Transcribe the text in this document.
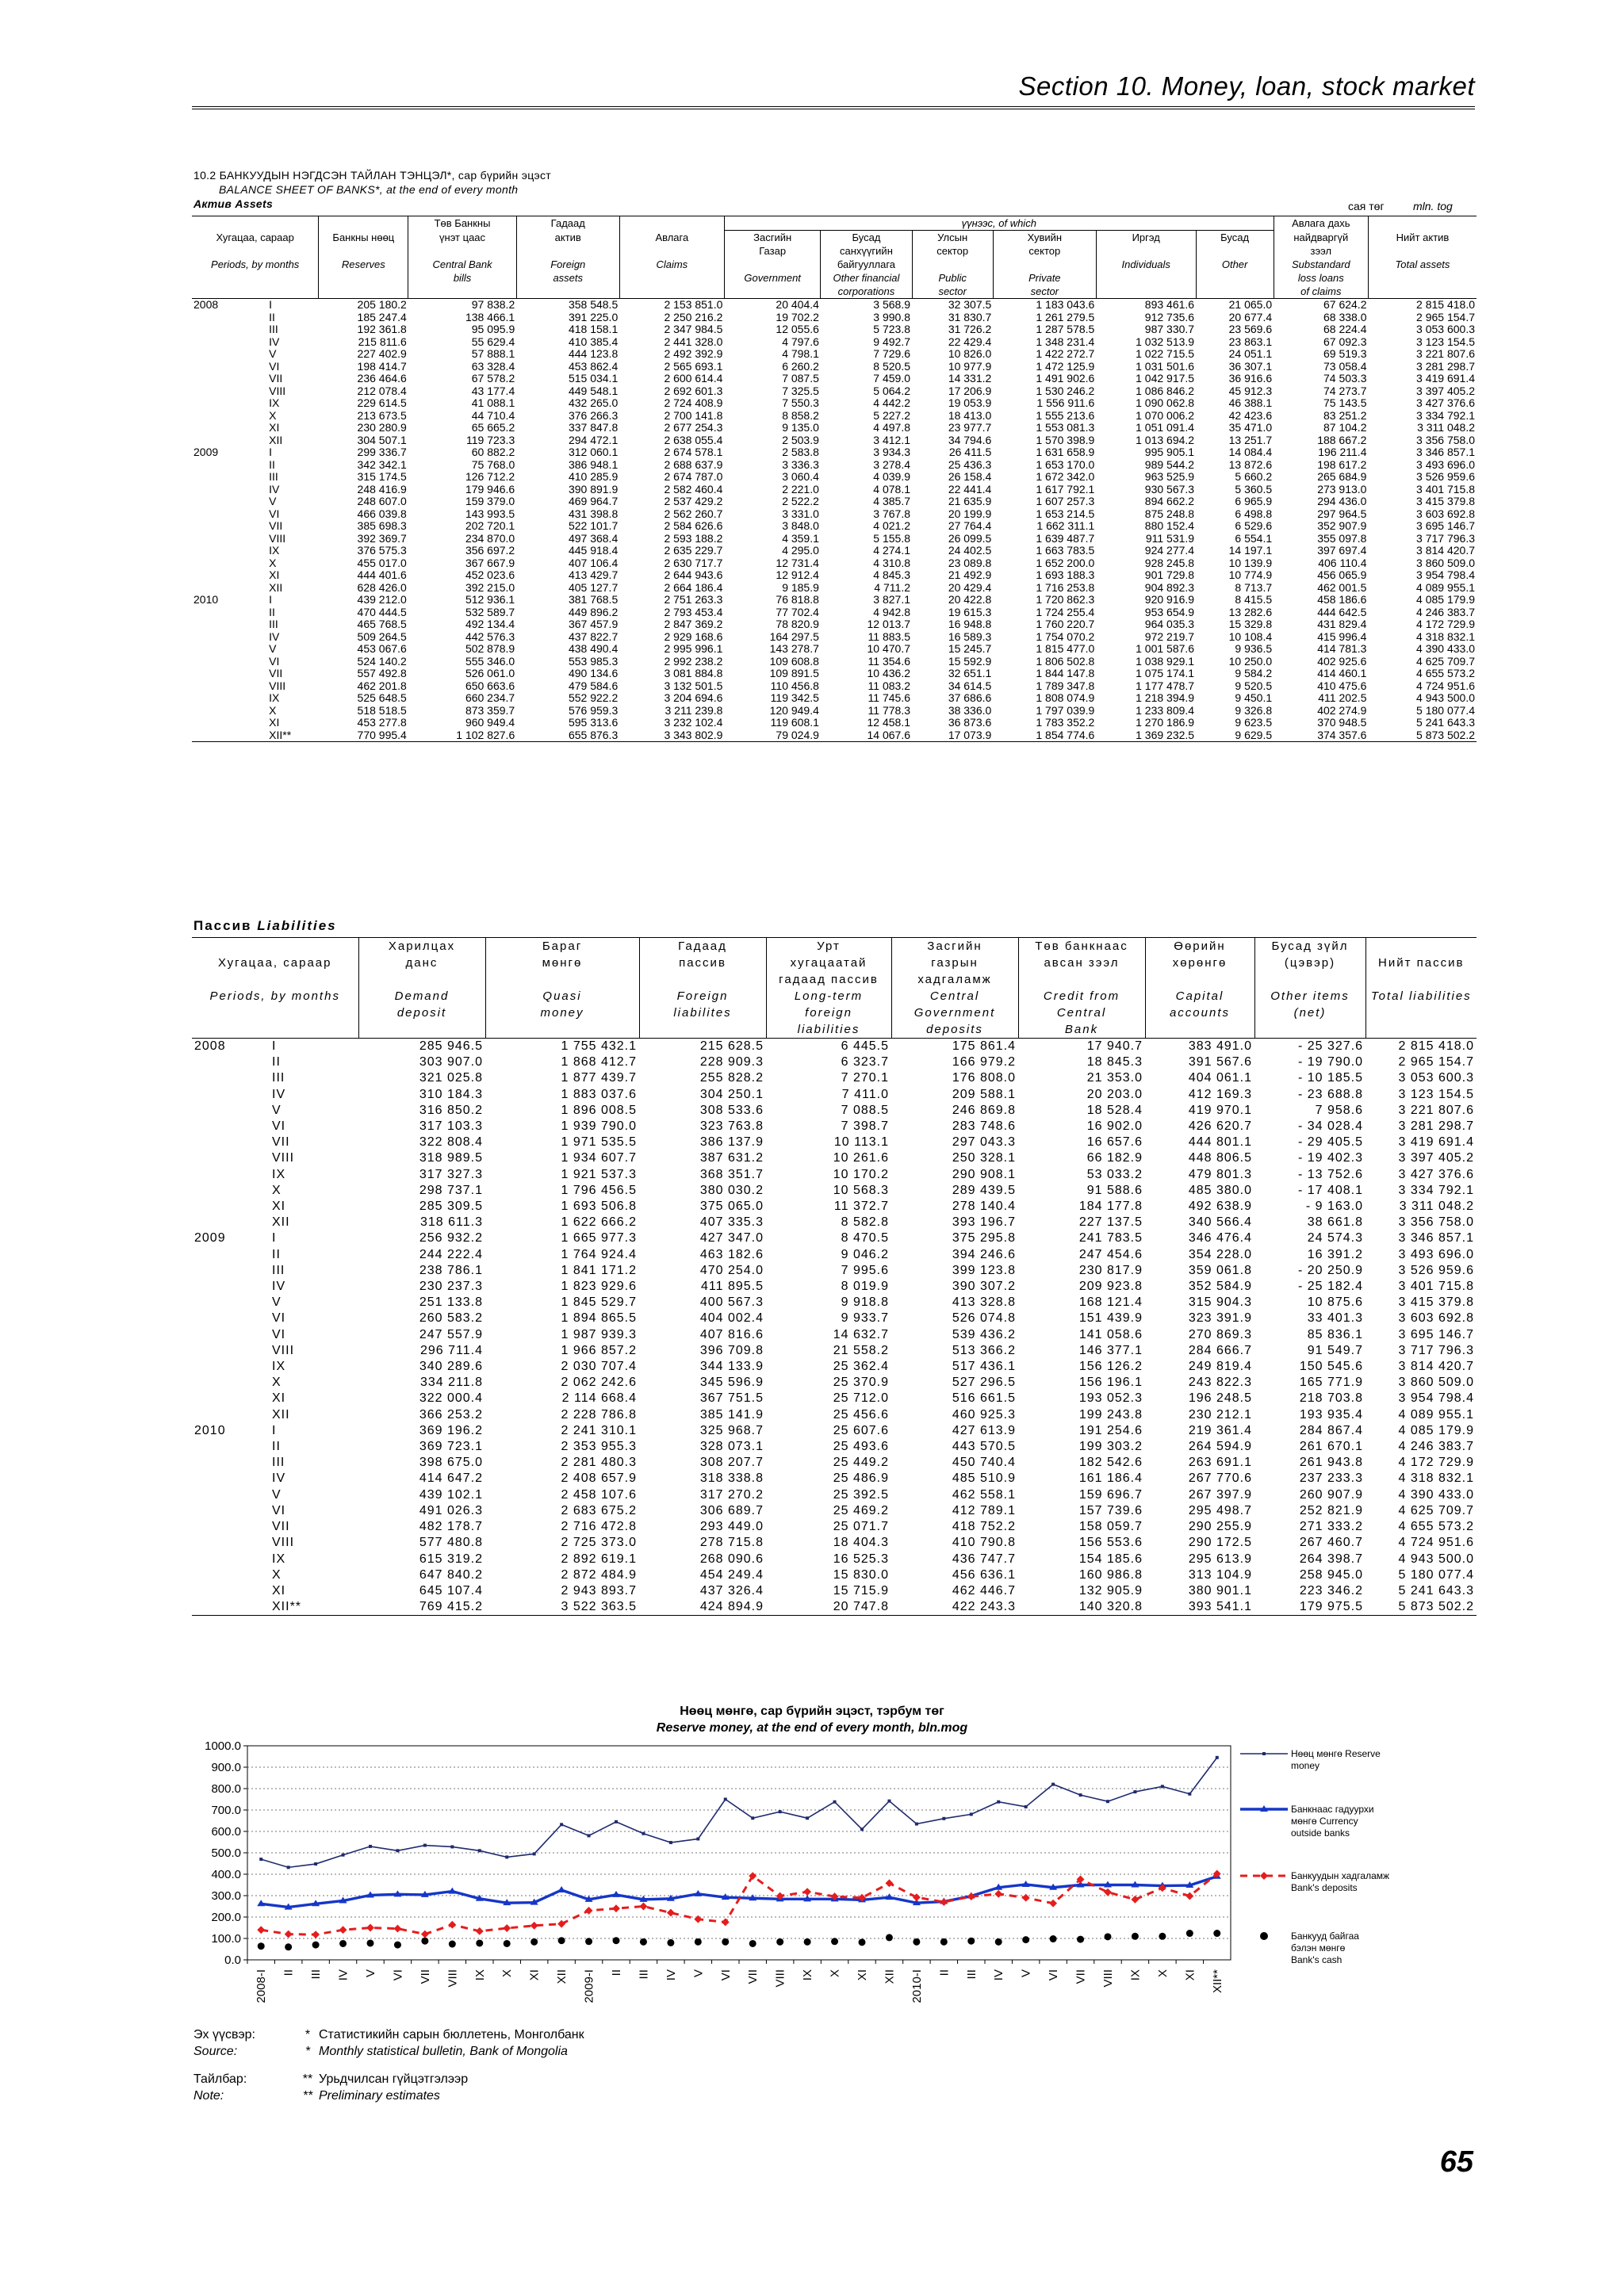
Section 10. Money, loan, stock market
10.2 БАНКУУДЫН НЭГДСЭН ТАЙЛАН ТЭНЦЭЛ*, сар бүрийн эцэст
BALANCE SHEET OF BANKS*, at the end of every month
Актив Assets	сая төг	mln. tog
			Төв Банкны	Гадаад		үүнээс, of which						Авлага дахь	
Хугацаа, сараар		Банкны нөөц	үнэт цаас	актив	Авлага	Засгийн	Бусад	Улсын	Хувийн	Иргэд	Бусад	найдваргүй	Нийт актив
						Газар	санхүүгийн	сектор	сектор			зээл	
Periods, by months		Reserves	Central Bank	Foreign	Claims		байгууллага			Individuals	Other	Substandard	Total assets
			bills	assets		Government	Other financial	Public	Private			loss loans	
							corporations	sector	sector			of claims	
2008	I	205 180.2	97 838.2	358 548.5	2 153 851.0	20 404.4	3 568.9	32 307.5	1 183 043.6	893 461.6	21 065.0	67 624.2	2 815 418.0
	II	185 247.4	138 466.1	391 225.0	2 250 216.2	19 702.2	3 990.8	31 830.7	1 261 279.5	912 735.6	20 677.4	68 338.0	2 965 154.7
	III	192 361.8	95 095.9	418 158.1	2 347 984.5	12 055.6	5 723.8	31 726.2	1 287 578.5	987 330.7	23 569.6	68 224.4	3 053 600.3
	IV	215 811.6	55 629.4	410 385.4	2 441 328.0	4 797.6	9 492.7	22 429.4	1 348 231.4	1 032 513.9	23 863.1	67 092.3	3 123 154.5
	V	227 402.9	57 888.1	444 123.8	2 492 392.9	4 798.1	7 729.6	10 826.0	1 422 272.7	1 022 715.5	24 051.1	69 519.3	3 221 807.6
	VI	198 414.7	63 328.4	453 862.4	2 565 693.1	6 260.2	8 520.5	10 977.9	1 472 125.9	1 031 501.6	36 307.1	73 058.4	3 281 298.7
	VII	236 464.6	67 578.2	515 034.1	2 600 614.4	7 087.5	7 459.0	14 331.2	1 491 902.6	1 042 917.5	36 916.6	74 503.3	3 419 691.4
	VIII	212 078.4	43 177.4	449 548.1	2 692 601.3	7 325.5	5 064.2	17 206.9	1 530 246.2	1 086 846.2	45 912.3	74 273.7	3 397 405.2
	IX	229 614.5	41 088.1	432 265.0	2 724 408.9	7 550.3	4 442.2	19 053.9	1 556 911.6	1 090 062.8	46 388.1	75 143.5	3 427 376.6
	X	213 673.5	44 710.4	376 266.3	2 700 141.8	8 858.2	5 227.2	18 413.0	1 555 213.6	1 070 006.2	42 423.6	83 251.2	3 334 792.1
	XI	230 280.9	65 665.2	337 847.8	2 677 254.3	9 135.0	4 497.8	23 977.7	1 553 081.3	1 051 091.4	35 471.0	87 104.2	3 311 048.2
	XII	304 507.1	119 723.3	294 472.1	2 638 055.4	2 503.9	3 412.1	34 794.6	1 570 398.9	1 013 694.2	13 251.7	188 667.2	3 356 758.0
2009	I	299 336.7	60 882.2	312 060.1	2 674 578.1	2 583.8	3 934.3	26 411.5	1 631 658.9	995 905.1	14 084.4	196 211.4	3 346 857.1
	II	342 342.1	75 768.0	386 948.1	2 688 637.9	3 336.3	3 278.4	25 436.3	1 653 170.0	989 544.2	13 872.6	198 617.2	3 493 696.0
	III	315 174.5	126 712.2	410 285.9	2 674 787.0	3 060.4	4 039.9	26 158.4	1 672 342.0	963 525.9	5 660.2	265 684.9	3 526 959.6
	IV	248 416.9	179 946.6	390 891.9	2 582 460.4	2 221.0	4 078.1	22 441.4	1 617 792.1	930 567.3	5 360.5	273 913.0	3 401 715.8
	V	248 607.0	159 379.0	469 964.7	2 537 429.2	2 522.2	4 385.7	21 635.9	1 607 257.3	894 662.2	6 965.9	294 436.0	3 415 379.8
	VI	466 039.8	143 993.5	431 398.8	2 562 260.7	3 331.0	3 767.8	20 199.9	1 653 214.5	875 248.8	6 498.8	297 964.5	3 603 692.8
	VII	385 698.3	202 720.1	522 101.7	2 584 626.6	3 848.0	4 021.2	27 764.4	1 662 311.1	880 152.4	6 529.6	352 907.9	3 695 146.7
	VIII	392 369.7	234 870.0	497 368.4	2 593 188.2	4 359.1	5 155.8	26 099.5	1 639 487.7	911 531.9	6 554.1	355 097.8	3 717 796.3
	IX	376 575.3	356 697.2	445 918.4	2 635 229.7	4 295.0	4 274.1	24 402.5	1 663 783.5	924 277.4	14 197.1	397 697.4	3 814 420.7
	X	455 017.0	367 667.9	407 106.4	2 630 717.7	12 731.4	4 310.8	23 089.8	1 652 200.0	928 245.8	10 139.9	406 110.4	3 860 509.0
	XI	444 401.6	452 023.6	413 429.7	2 644 943.6	12 912.4	4 845.3	21 492.9	1 693 188.3	901 729.8	10 774.9	456 065.9	3 954 798.4
	XII	628 426.0	392 215.0	405 127.7	2 664 186.4	9 185.9	4 711.2	20 429.4	1 716 253.8	904 892.3	8 713.7	462 001.5	4 089 955.1
2010	I	439 212.0	512 936.1	381 768.5	2 751 263.3	76 818.8	3 827.1	20 422.8	1 720 862.3	920 916.9	8 415.5	458 186.6	4 085 179.9
	II	470 444.5	532 589.7	449 896.2	2 793 453.4	77 702.4	4 942.8	19 615.3	1 724 255.4	953 654.9	13 282.6	444 642.5	4 246 383.7
	III	465 768.5	492 134.4	367 457.9	2 847 369.2	78 820.9	12 013.7	16 948.8	1 760 220.7	964 035.3	15 329.8	431 829.4	4 172 729.9
	IV	509 264.5	442 576.3	437 822.7	2 929 168.6	164 297.5	11 883.5	16 589.3	1 754 070.2	972 219.7	10 108.4	415 996.4	4 318 832.1
	V	453 067.6	502 878.9	438 490.4	2 995 996.1	143 278.7	10 470.7	15 245.7	1 815 477.0	1 001 587.6	9 936.5	414 781.3	4 390 433.0
	VI	524 140.2	555 346.0	553 985.3	2 992 238.2	109 608.8	11 354.6	15 592.9	1 806 502.8	1 038 929.1	10 250.0	402 925.6	4 625 709.7
	VII	557 492.8	526 061.0	490 134.6	3 081 884.8	109 891.5	10 436.2	32 651.1	1 844 147.8	1 075 174.1	9 584.2	414 460.1	4 655 573.2
	VIII	462 201.8	650 663.6	479 584.6	3 132 501.5	110 456.8	11 083.2	34 614.5	1 789 347.8	1 177 478.7	9 520.5	410 475.6	4 724 951.6
	IX	525 648.5	660 234.7	552 922.2	3 204 694.6	119 342.5	11 745.6	37 686.6	1 808 074.9	1 218 394.9	9 450.1	411 202.5	4 943 500.0
	X	518 518.5	873 359.7	576 959.3	3 211 239.8	120 949.4	11 778.3	38 336.0	1 797 039.9	1 233 809.4	9 326.8	402 274.9	5 180 077.4
	XI	453 277.8	960 949.4	595 313.6	3 232 102.4	119 608.1	12 458.1	36 873.6	1 783 352.2	1 270 186.9	9 623.5	370 948.5	5 241 643.3
	XII**	770 995.4	1 102 827.6	655 876.3	3 343 802.9	79 024.9	14 067.6	17 073.9	1 854 774.6	1 369 232.5	9 629.5	374 357.6	5 873 502.2
Пассив Liabilities
		Харилцах	Бараг	Гадаад	Урт	Засгийн	Төв банкнаас	Өөрийн	Бусад зүйл	
Хугацаа, сараар		данс	мөнгө	пассив	хугацаатай	газрын	авсан зээл	хөрөнгө	(цэвэр)	Нийт пассив
					гадаад пассив	хадгаламж				
Periods, by months		Demand	Quasi	Foreign	Long-term	Central	Credit from	Capital	Other items	Total liabilities
		deposit	money	liabilites	foreign	Government	Central	accounts	(net)	
					liabilities	deposits	Bank			
2008	I	285 946.5	1 755 432.1	215 628.5	6 445.5	175 861.4	17 940.7	383 491.0	- 25 327.6	2 815 418.0
	II	303 907.0	1 868 412.7	228 909.3	6 323.7	166 979.2	18 845.3	391 567.6	- 19 790.0	2 965 154.7
	III	321 025.8	1 877 439.7	255 828.2	7 270.1	176 808.0	21 353.0	404 061.1	- 10 185.5	3 053 600.3
	IV	310 184.3	1 883 037.6	304 250.1	7 411.0	209 588.1	20 203.0	412 169.3	- 23 688.8	3 123 154.5
	V	316 850.2	1 896 008.5	308 533.6	7 088.5	246 869.8	18 528.4	419 970.1	7 958.6	3 221 807.6
	VI	317 103.3	1 939 790.0	323 763.8	7 398.7	283 748.6	16 902.0	426 620.7	- 34 028.4	3 281 298.7
	VII	322 808.4	1 971 535.5	386 137.9	10 113.1	297 043.3	16 657.6	444 801.1	- 29 405.5	3 419 691.4
	VIII	318 989.5	1 934 607.7	387 631.2	10 261.6	250 328.1	66 182.9	448 806.5	- 19 402.3	3 397 405.2
	IX	317 327.3	1 921 537.3	368 351.7	10 170.2	290 908.1	53 033.2	479 801.3	- 13 752.6	3 427 376.6
	X	298 737.1	1 796 456.5	380 030.2	10 568.3	289 439.5	91 588.6	485 380.0	- 17 408.1	3 334 792.1
	XI	285 309.5	1 693 506.8	375 065.0	11 372.7	278 140.4	184 177.8	492 638.9	- 9 163.0	3 311 048.2
	XII	318 611.3	1 622 666.2	407 335.3	8 582.8	393 196.7	227 137.5	340 566.4	38 661.8	3 356 758.0
2009	I	256 932.2	1 665 977.3	427 347.0	8 470.5	375 295.8	241 783.5	346 476.4	24 574.3	3 346 857.1
	II	244 222.4	1 764 924.4	463 182.6	9 046.2	394 246.6	247 454.6	354 228.0	16 391.2	3 493 696.0
	III	238 786.1	1 841 171.2	470 254.0	7 995.6	399 123.8	230 817.9	359 061.8	- 20 250.9	3 526 959.6
	IV	230 237.3	1 823 929.6	411 895.5	8 019.9	390 307.2	209 923.8	352 584.9	- 25 182.4	3 401 715.8
	V	251 133.8	1 845 529.7	400 567.3	9 918.8	413 328.8	168 121.4	315 904.3	10 875.6	3 415 379.8
	VI	260 583.2	1 894 865.5	404 002.4	9 933.7	526 074.8	151 439.9	323 391.9	33 401.3	3 603 692.8
	VI	247 557.9	1 987 939.3	407 816.6	14 632.7	539 436.2	141 058.6	270 869.3	85 836.1	3 695 146.7
	VIII	296 711.4	1 966 857.2	396 709.8	21 558.2	513 366.2	146 377.1	284 666.7	91 549.7	3 717 796.3
	IX	340 289.6	2 030 707.4	344 133.9	25 362.4	517 436.1	156 126.2	249 819.4	150 545.6	3 814 420.7
	X	334 211.8	2 062 242.6	345 596.9	25 370.9	527 296.5	156 196.1	243 822.3	165 771.9	3 860 509.0
	XI	322 000.4	2 114 668.4	367 751.5	25 712.0	516 661.5	193 052.3	196 248.5	218 703.8	3 954 798.4
	XII	366 253.2	2 228 786.8	385 141.9	25 456.6	460 925.3	199 243.8	230 212.1	193 935.4	4 089 955.1
2010	I	369 196.2	2 241 310.1	325 968.7	25 607.6	427 613.9	191 254.6	219 361.4	284 867.4	4 085 179.9
	II	369 723.1	2 353 955.3	328 073.1	25 493.6	443 570.5	199 303.2	264 594.9	261 670.1	4 246 383.7
	III	398 675.0	2 281 480.3	308 207.7	25 449.2	450 740.4	182 542.6	263 691.1	261 943.8	4 172 729.9
	IV	414 647.2	2 408 657.9	318 338.8	25 486.9	485 510.9	161 186.4	267 770.6	237 233.3	4 318 832.1
	V	439 102.1	2 458 107.6	317 270.2	25 392.5	462 558.1	159 696.7	267 397.9	260 907.9	4 390 433.0
	VI	491 026.3	2 683 675.2	306 689.7	25 469.2	412 789.1	157 739.6	295 498.7	252 821.9	4 625 709.7
	VII	482 178.7	2 716 472.8	293 449.0	25 071.7	418 752.2	158 059.7	290 255.9	271 333.2	4 655 573.2
	VIII	577 480.8	2 725 373.0	278 715.8	18 404.3	410 790.8	156 553.6	290 172.5	267 460.7	4 724 951.6
	IX	615 319.2	2 892 619.1	268 090.6	16 525.3	436 747.7	154 185.6	295 613.9	264 398.7	4 943 500.0
	X	647 840.2	2 872 484.9	454 249.4	15 830.0	456 636.1	160 986.8	313 104.9	258 945.0	5 180 077.4
	XI	645 107.4	2 943 893.7	437 326.4	15 715.9	462 446.7	132 905.9	380 901.1	223 346.2	5 241 643.3
	XII**	769 415.2	3 522 363.5	424 894.9	20 747.8	422 243.3	140 320.8	393 541.1	179 975.5	5 873 502.2
Нөөц мөнгө, сар бүрийн эцэст, тэрбум төг
Reserve money, at the end of every month, bln.mog
0.0
100.0
200.0
300.0
400.0
500.0
600.0
700.0
800.0
900.0
1000.0
2008-I II III IV V VI VII VIII IX X XI XII 2009-I II III IV V VI VII VIII IX X XI XII 2010-I II III IV V VI VII VIII IX X XI XII**
Нөөц мөнгө Reserve
money
Банкнаас гадуурхи
мөнгө Currency
outside banks
Банкуудын хадгаламж
Bank's deposits
Банкууд байгаа
бэлэн мөнгө
Bank's cash
Эх үүсвэр:	* Статистикийн сарын бюллетень, Монголбанк
Source:	* Monthly statistical bulletin, Bank of Mongolia
Тайлбар:	** Урьдчилсан гүйцэтгэлээр
Note:	** Preliminary estimates
65
